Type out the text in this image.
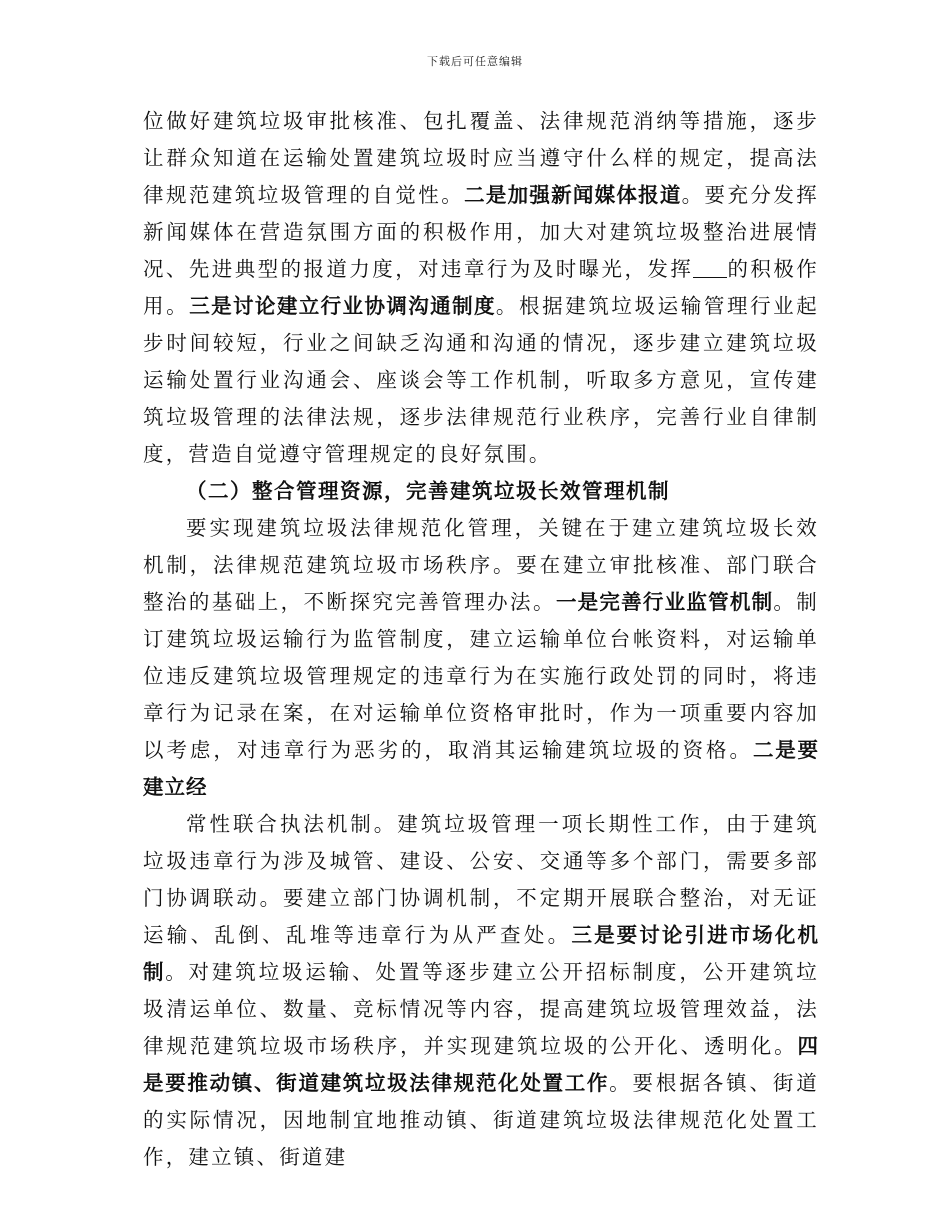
下载后可任意编辑

位做好建筑垃圾审批核准、包扎覆盖、法律规范消纳等措施，逐步让群众知道在运输处置建筑垃圾时应当遵守什么样的规定，提高法律规范建筑垃圾管理的自觉性。二是加强新闻媒体报道。要充分发挥新闻媒体在营造氛围方面的积极作用，加大对建筑垃圾整治进展情况、先进典型的报道力度，对违章行为及时曝光，发挥 的积极作用。三是讨论建立行业协调沟通制度。根据建筑垃圾运输管理行业起步时间较短，行业之间缺乏沟通和沟通的情况，逐步建立建筑垃圾运输处置行业沟通会、座谈会等工作机制，听取多方意见，宣传建筑垃圾管理的法律法规，逐步法律规范行业秩序，完善行业自律制度，营造自觉遵守管理规定的良好氛围。

（二）整合管理资源，完善建筑垃圾长效管理机制

要实现建筑垃圾法律规范化管理，关键在于建立建筑垃圾长效机制，法律规范建筑垃圾市场秩序。要在建立审批核准、部门联合整治的基础上，不断探究完善管理办法。一是完善行业监管机制。制订建筑垃圾运输行为监管制度，建立运输单位台帐资料，对运输单位违反建筑垃圾管理规定的违章行为在实施行政处罚的同时，将违章行为记录在案，在对运输单位资格审批时，作为一项重要内容加以考虑，对违章行为恶劣的，取消其运输建筑垃圾的资格。二是要建立经

常性联合执法机制。建筑垃圾管理一项长期性工作，由于建筑垃圾违章行为涉及城管、建设、公安、交通等多个部门，需要多部门协调联动。要建立部门协调机制，不定期开展联合整治，对无证运输、乱倒、乱堆等违章行为从严查处。三是要讨论引进市场化机制。对建筑垃圾运输、处置等逐步建立公开招标制度，公开建筑垃圾清运单位、数量、竞标情况等内容，提高建筑垃圾管理效益，法律规范建筑垃圾市场秩序，并实现建筑垃圾的公开化、透明化。四是要推动镇、街道建筑垃圾法律规范化处置工作。要根据各镇、街道的实际情况，因地制宜地推动镇、街道建筑垃圾法律规范化处置工作，建立镇、街道建
